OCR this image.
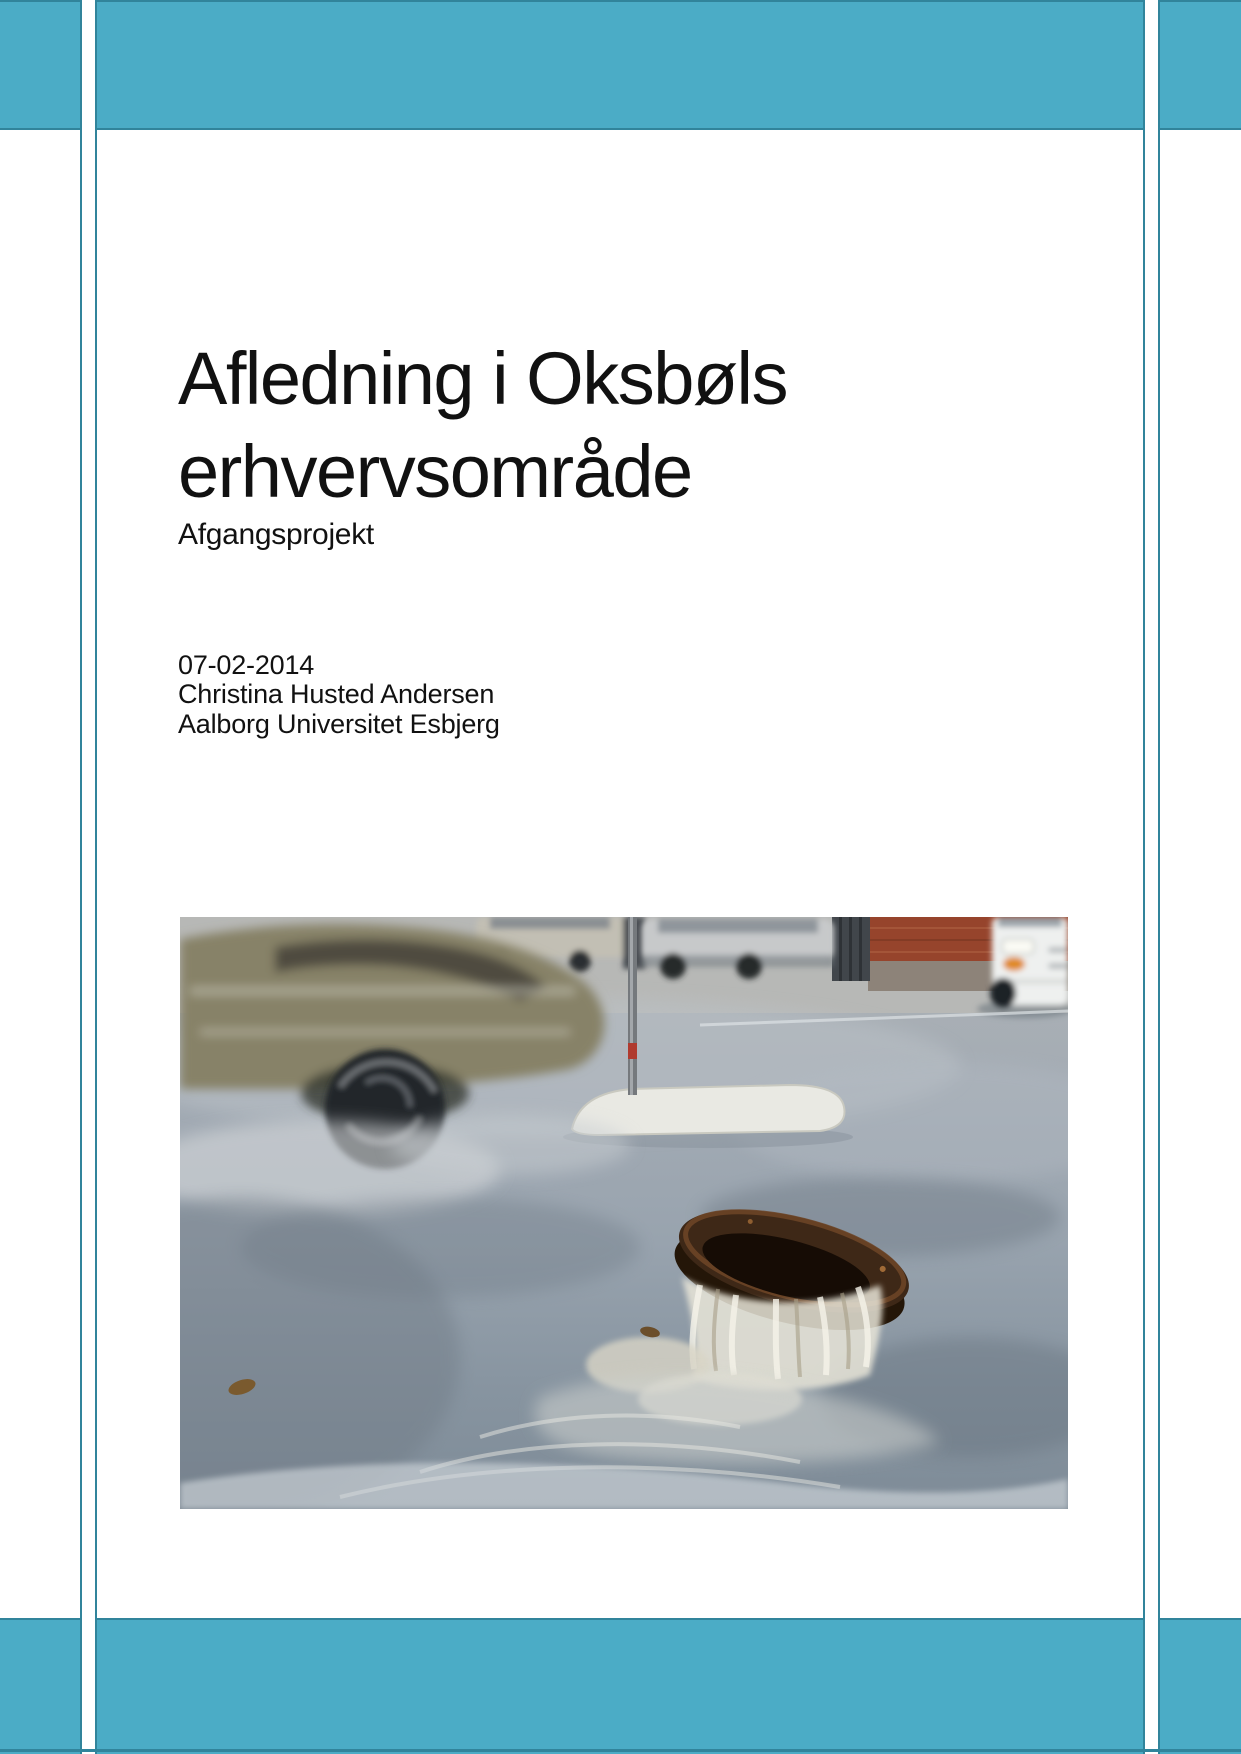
Afledning i Oksbøls
erhvervsområde
Afgangsprojekt
07-02-2014
Christina Husted Andersen
Aalborg Universitet Esbjerg
